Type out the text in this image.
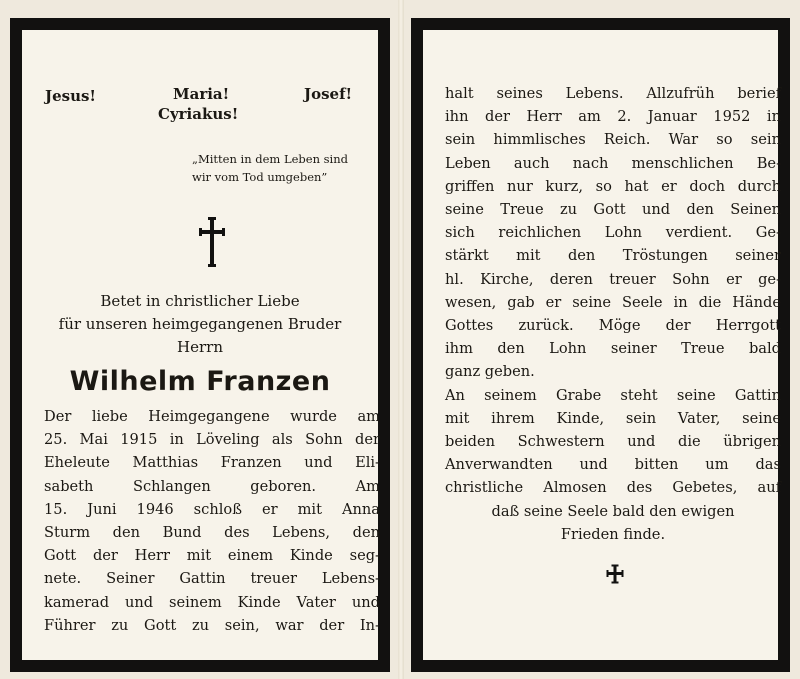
Jesus!	Maria!	Josef!
Cyriakus!
„Mitten in dem Leben sind
wir vom Tod umgeben”
Betet in christlicher Liebe
für unseren heimgegangenen Bruder
Herrn
Wilhelm Franzen
Der liebe Heimgegangene wurde am
25. Mai 1915 in Löveling als Sohn der
Eheleute Matthias Franzen und Eli-
sabeth Schlangen geboren. Am
15. Juni 1946 schloß er mit Anna
Sturm den Bund des Lebens, den
Gott der Herr mit einem Kinde seg-
nete. Seiner Gattin treuer Lebens-
kamerad und seinem Kinde Vater und
Führer zu Gott zu sein, war der In-
halt seines Lebens. Allzufrüh berief
ihn der Herr am 2. Januar 1952 in
sein himmlisches Reich. War so sein
Leben auch nach menschlichen Be-
griffen nur kurz, so hat er doch durch
seine Treue zu Gott und den Seinen
sich reichlichen Lohn verdient. Ge-
stärkt mit den Tröstungen seiner
hl. Kirche, deren treuer Sohn er ge-
wesen, gab er seine Seele in die Hände
Gottes zurück. Möge der Herrgott
ihm den Lohn seiner Treue bald
ganz geben.
An seinem Grabe steht seine Gattin
mit ihrem Kinde, sein Vater, seine
beiden Schwestern und die übrigen
Anverwandten und bitten um das
christliche Almosen des Gebetes, auf
daß seine Seele bald den ewigen
Frieden finde.
